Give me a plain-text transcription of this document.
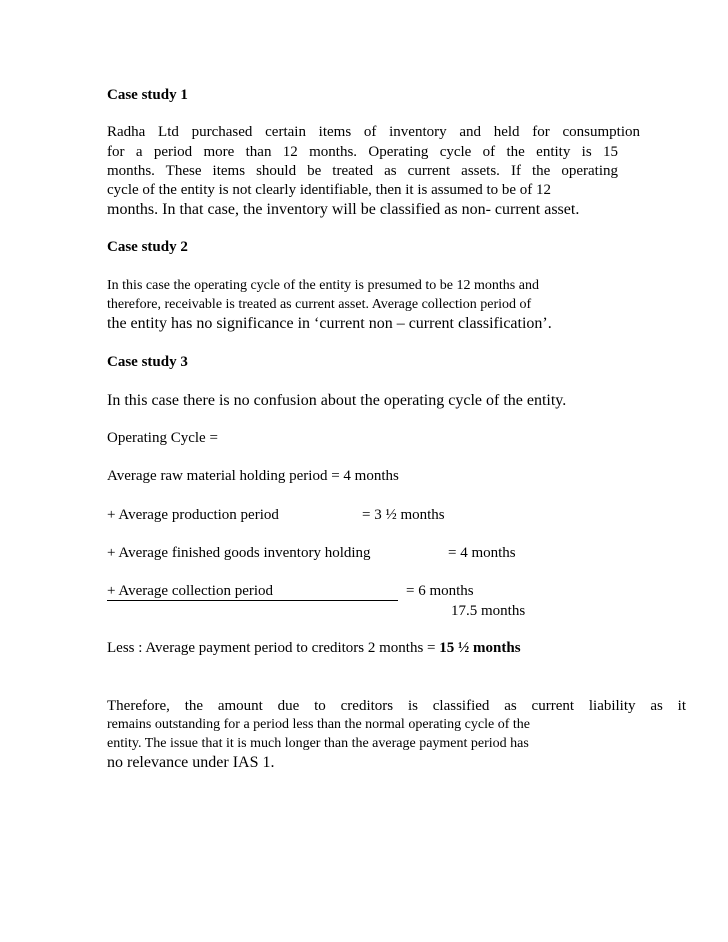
Case study 1
Radha Ltd purchased certain items of inventory and held for consumption
for a period more than 12 months. Operating cycle of the entity is 15
months. These items should be treated as current assets. If the operating
cycle of the entity is not clearly identifiable, then it is assumed to be of 12
months. In that case, the inventory will be classified as non- current asset.
Case study 2
In this case the operating cycle of the entity is presumed to be 12 months and
therefore, receivable is treated as current asset. Average collection period of
the entity has no significance in ‘current non – current classification’.
Case study 3
In this case there is no confusion about the operating cycle of the entity.
Operating Cycle =
Average raw material holding period = 4 months
+ Average production period	= 3 ½ months
+ Average finished goods inventory holding	= 4 months
+ Average collection period	= 6 months
17.5 months
Less : Average payment period to creditors 2 months = 15 ½ months
Therefore, the amount due to creditors is classified as current liability as it
remains outstanding for a period less than the normal operating cycle of the
entity. The issue that it is much longer than the average payment period has
no relevance under IAS 1.
